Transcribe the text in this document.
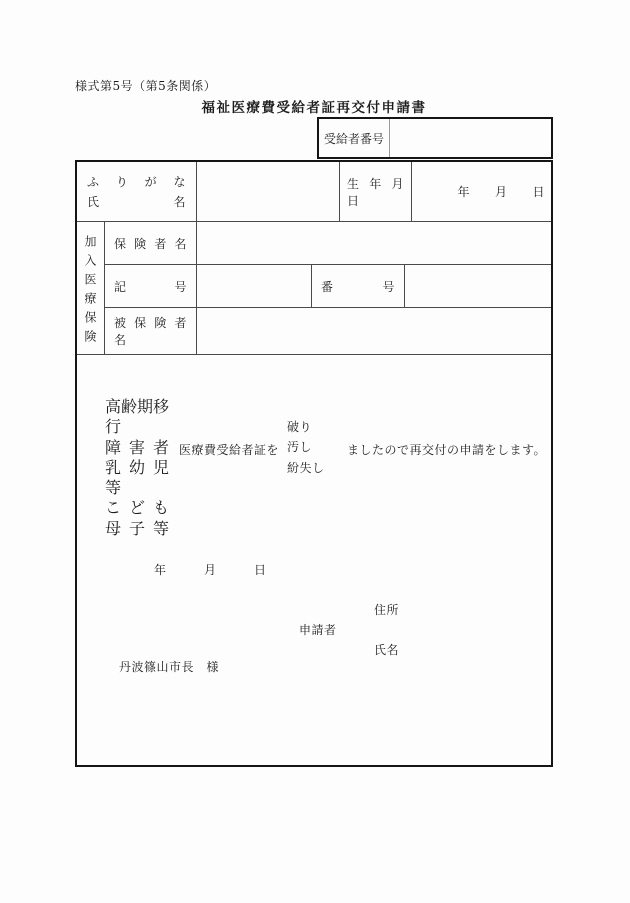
様式第5号（第5条関係）
福祉医療費受給者証再交付申請書
受給者番号
ふ り が な
氏 名
生 年 月 日
年　　月　　日
加入医療保険	保 険 者 名
記 号	番 号
被 保 険 者 名
高齢期移行
障 害 者
乳 幼 児 等
こ ど も
母 子 等
医療費受給者証を
破り
汚し
紛失し
ましたので再交付の申請をします。
年　　　月　　　日
住所
申請者
氏名
丹波篠山市長　様
